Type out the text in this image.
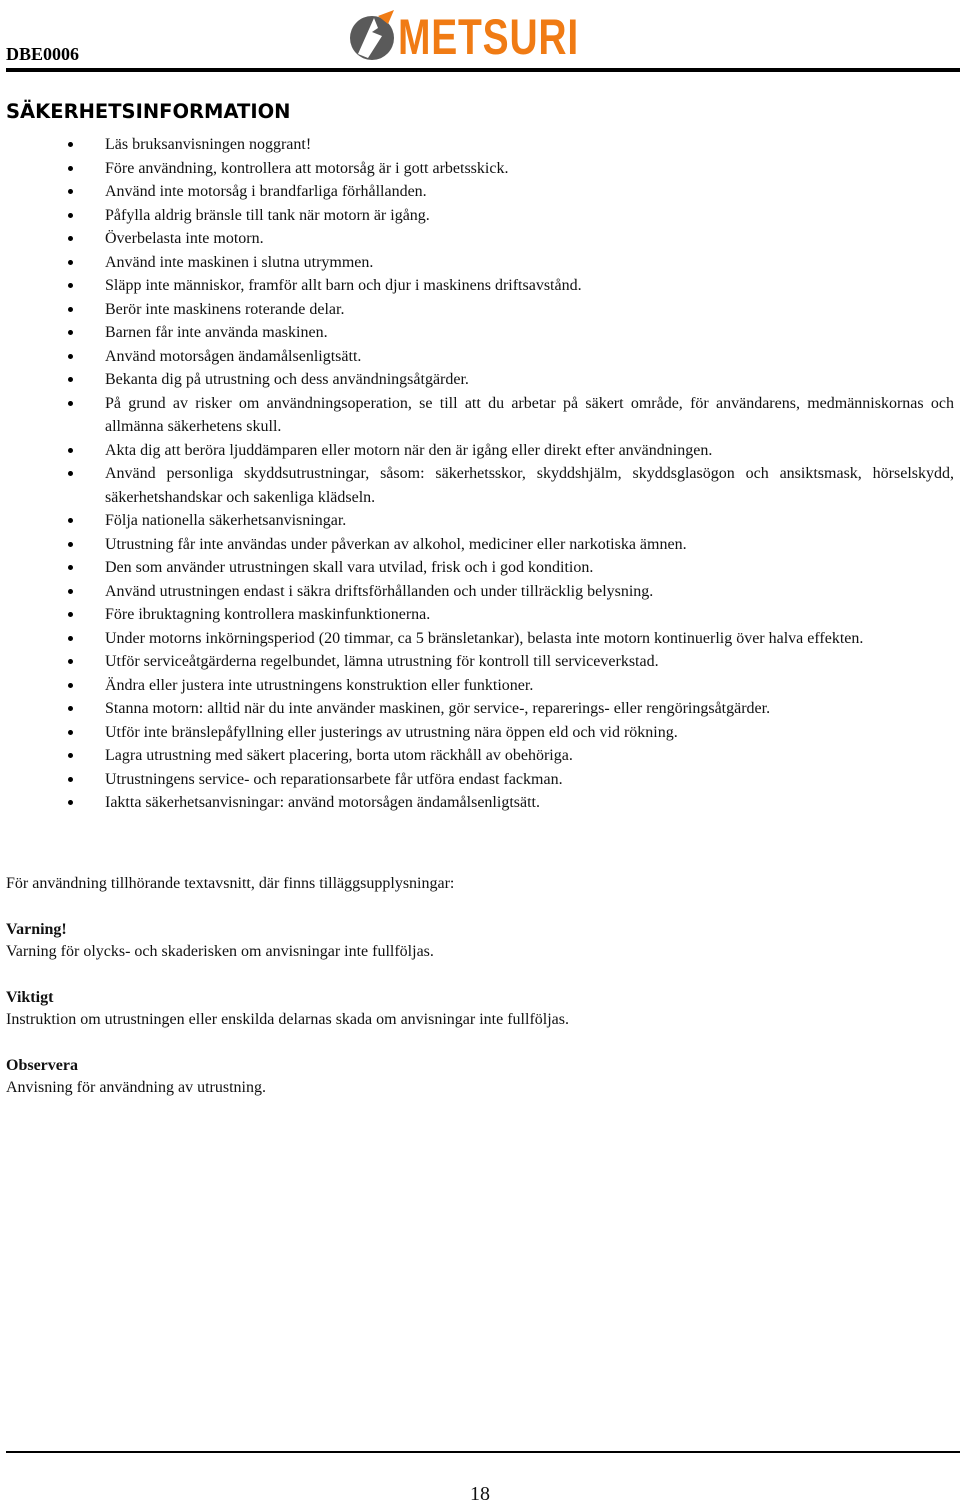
DBE0006	METSURI
SÄKERHETSINFORMATION
Läs bruksanvisningen noggrant!
Före användning, kontrollera att motorsåg är i gott arbetsskick.
Använd inte motorsåg i brandfarliga förhållanden.
Påfylla aldrig bränsle till tank när motorn är igång.
Överbelasta inte motorn.
Använd inte maskinen i slutna utrymmen.
Släpp inte människor, framför allt barn och djur i maskinens driftsavstånd.
Berör inte maskinens roterande delar.
Barnen får inte använda maskinen.
Använd motorsågen ändamålsenligtsätt.
Bekanta dig på utrustning och dess användningsåtgärder.
På grund av risker om användningsoperation, se till att du arbetar på säkert område, för användarens, medmänniskornas och allmänna säkerhetens skull.
Akta dig att beröra ljuddämparen eller motorn när den är igång eller direkt efter användningen.
Använd personliga skyddsutrustningar, såsom: säkerhetsskor, skyddshjälm, skyddsglasögon och ansiktsmask, hörselskydd, säkerhetshandskar och sakenliga klädseln.
Följa nationella säkerhetsanvisningar.
Utrustning får inte användas under påverkan av alkohol, mediciner eller narkotiska ämnen.
Den som använder utrustningen skall vara utvilad, frisk och i god kondition.
Använd utrustningen endast i säkra driftsförhållanden och under tillräcklig belysning.
Före ibruktagning kontrollera maskinfunktionerna.
Under motorns inkörningsperiod (20 timmar, ca 5 bränsletankar), belasta inte motorn kontinuerlig över halva effekten.
Utför serviceåtgärderna regelbundet, lämna utrustning för kontroll till serviceverkstad.
Ändra eller justera inte utrustningens konstruktion eller funktioner.
Stanna motorn: alltid när du inte använder maskinen, gör service-, reparerings- eller rengöringsåtgärder.
Utför inte bränslepåfyllning eller justerings av utrustning nära öppen eld och vid rökning.
Lagra utrustning med säkert placering, borta utom räckhåll av obehöriga.
Utrustningens service- och reparationsarbete får utföra endast fackman.
Iaktta säkerhetsanvisningar: använd motorsågen ändamålsenligtsätt.

För användning tillhörande textavsnitt, där finns tilläggsupplysningar:

Varning!

Varning för olycks- och skaderisken om anvisningar inte fullföljas.

Viktigt

Instruktion om utrustningen eller enskilda delarnas skada om anvisningar inte fullföljas.

Observera

Anvisning för användning av utrustning.

18
